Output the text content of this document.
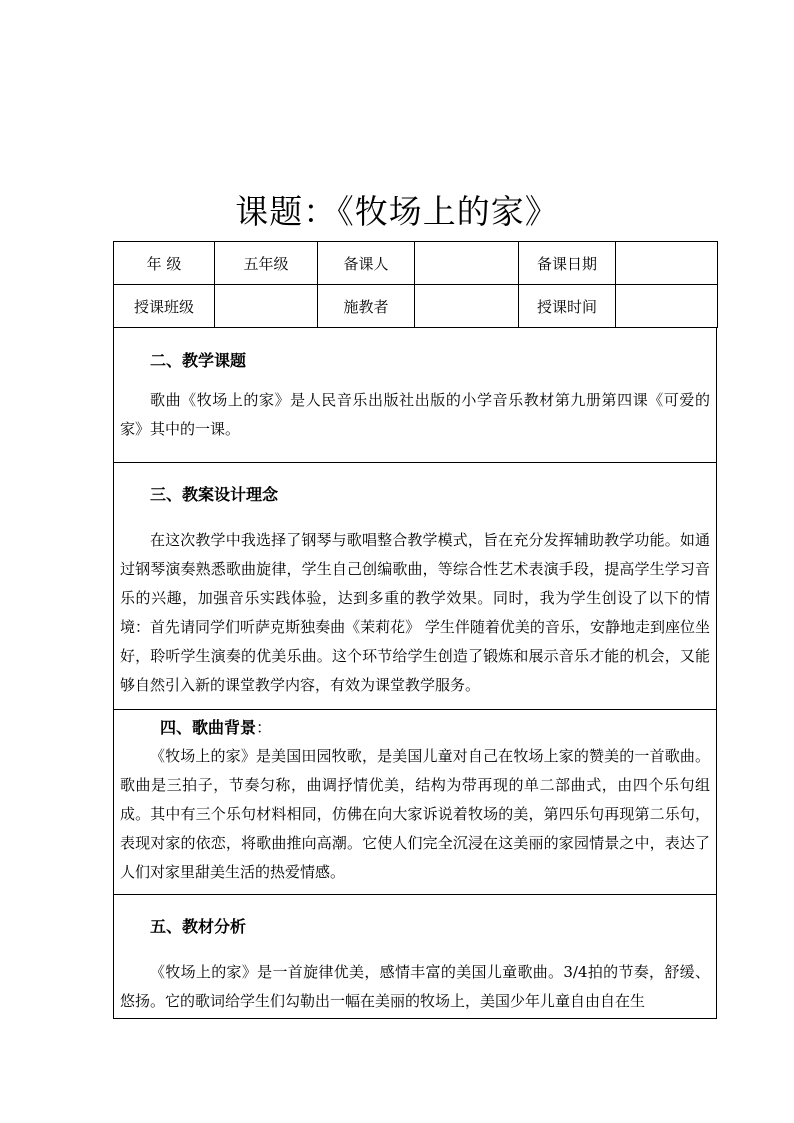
课题：《牧场上的家》
年 级	五年级	备课人		备课日期	
授课班级		施教者		授课时间	
二、教学课题
歌曲《牧场上的家》是人民音乐出版社出版的小学音乐教材第九册第四课《可爱的家》其中的一课。
三、教案设计理念
在这次教学中我选择了钢琴与歌唱整合教学模式，旨在充分发挥辅助教学功能。如通过钢琴演奏熟悉歌曲旋律，学生自己创编歌曲，等综合性艺术表演手段，提高学生学习音乐的兴趣，加强音乐实践体验，达到多重的教学效果。同时，我为学生创设了以下的情境：首先请同学们听萨克斯独奏曲《茉莉花》 学生伴随着优美的音乐，安静地走到座位坐好，聆听学生演奏的优美乐曲。这个环节给学生创造了锻炼和展示音乐才能的机会，又能够自然引入新的课堂教学内容，有效为课堂教学服务。
四、歌曲背景：
《牧场上的家》是美国田园牧歌，是美国儿童对自己在牧场上家的赞美的一首歌曲。歌曲是三拍子，节奏匀称，曲调抒情优美，结构为带再现的单二部曲式，由四个乐句组成。其中有三个乐句材料相同，仿佛在向大家诉说着牧场的美，第四乐句再现第二乐句，表现对家的依恋，将歌曲推向高潮。它使人们完全沉浸在这美丽的家园情景之中，表达了人们对家里甜美生活的热爱情感。
五、教材分析
《牧场上的家》是一首旋律优美，感情丰富的美国儿童歌曲。3/4拍的节奏，舒缓、悠扬。它的歌词给学生们勾勒出一幅在美丽的牧场上，美国少年儿童自由自在生
